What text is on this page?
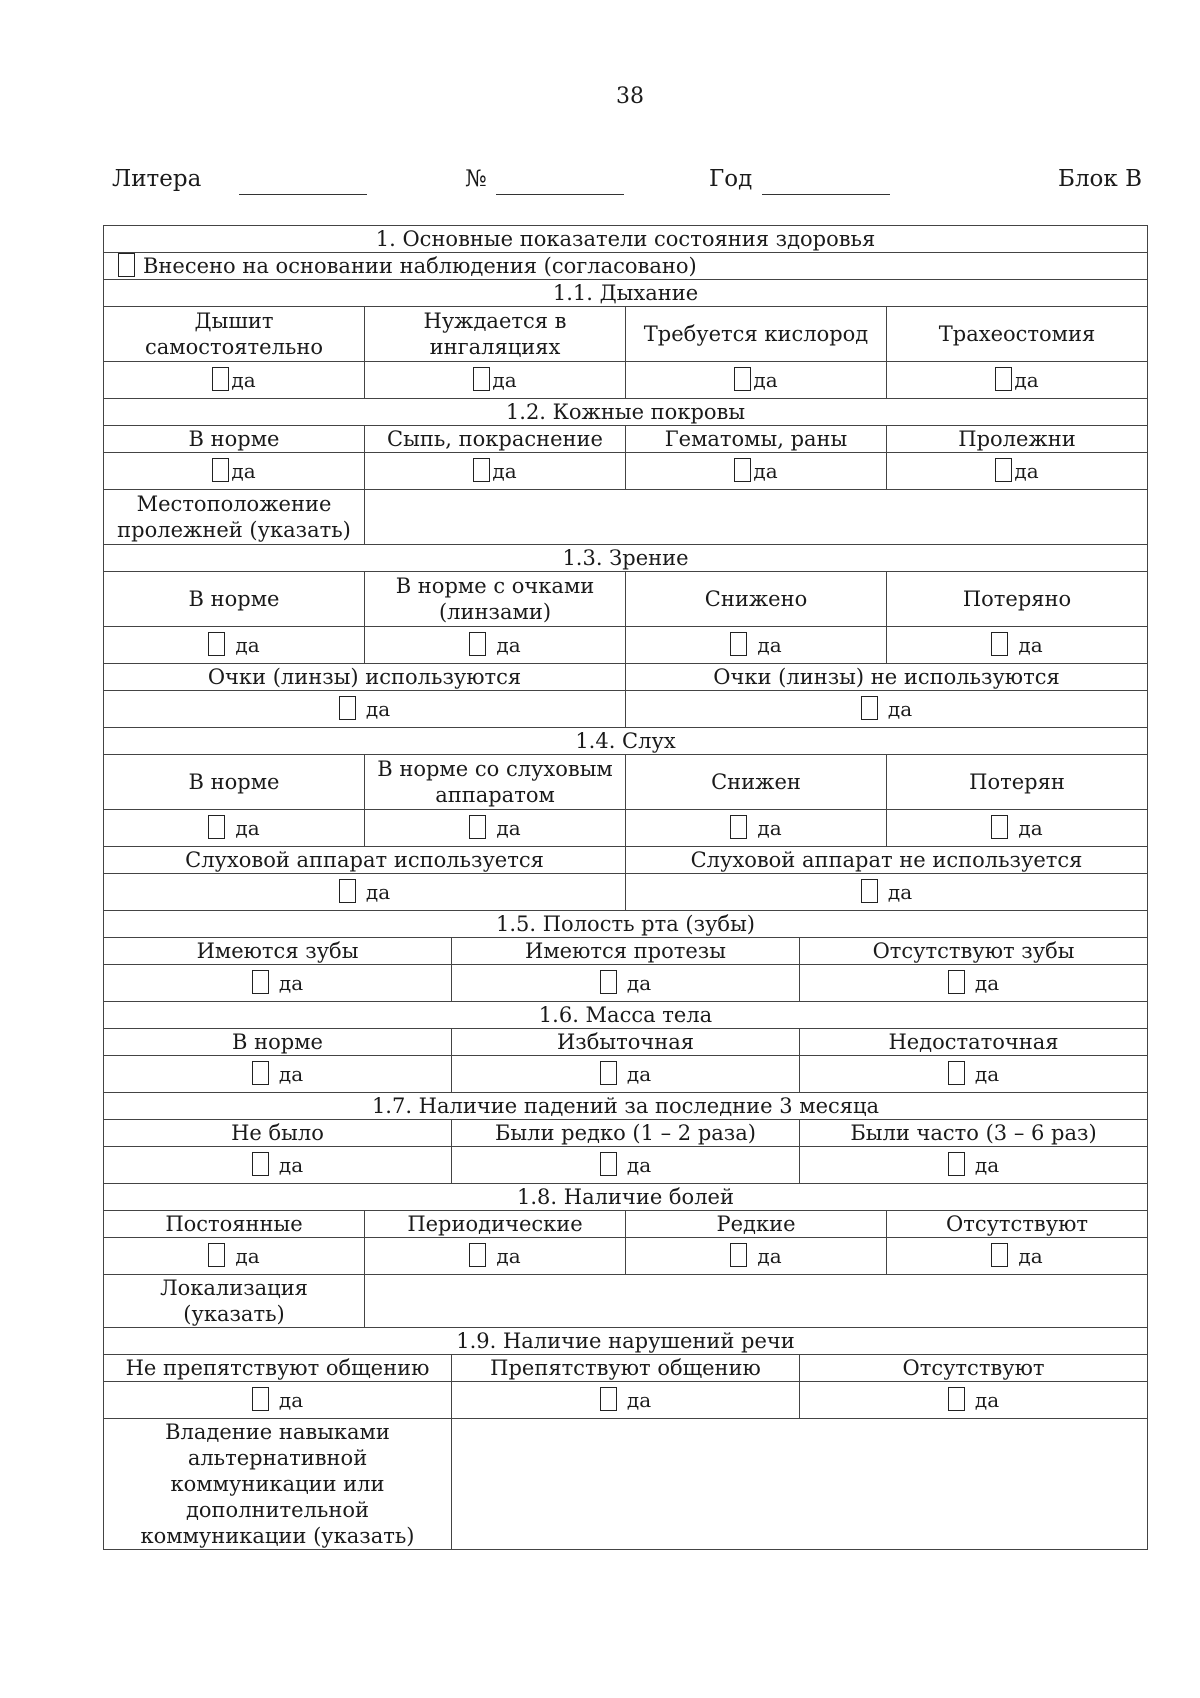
38
Литера	№	Год	Блок В
1. Основные показатели состояния здоровья					
Внесено на основании наблюдения (согласовано)					
1.1. Дыхание					
Дышит самостоятельно	Нуждается в ингаляциях		Требуется кислород		Трахеостомия
да	да		да		да
1.2. Кожные покровы					
В норме	Сыпь, покраснение		Гематомы, раны		Пролежни
да	да		да		да
Местоположение пролежней (указать)					
1.3. Зрение					
В норме	В норме с очками (линзами)		Снижено		Потеряно
да	да		да		да
Очки (линзы) используются			Очки (линзы) не используются		
да			да		
1.4. Слух					
В норме	В норме со слуховым аппаратом		Снижен		Потерян
да	да		да		да
Слуховой аппарат используется			Слуховой аппарат не используется		
да			да		
1.5. Полость рта (зубы)					
Имеются зубы		Имеются протезы		Отсутствуют зубы	
да		да		да	
1.6. Масса тела					
В норме		Избыточная		Недостаточная	
да		да		да	
1.7. Наличие падений за последние 3 месяца					
Не было		Были редко (1 – 2 раза)		Были часто (3 – 6 раз)	
да		да		да	
1.8. Наличие болей					
Постоянные	Периодические		Редкие		Отсутствуют
да	да		да		да
Локализация (указать)					
1.9. Наличие нарушений речи					
Не препятствуют общению		Препятствуют общению		Отсутствуют	
да		да		да	
Владение навыками альтернативной коммуникации или дополнительной коммуникации (указать)					
